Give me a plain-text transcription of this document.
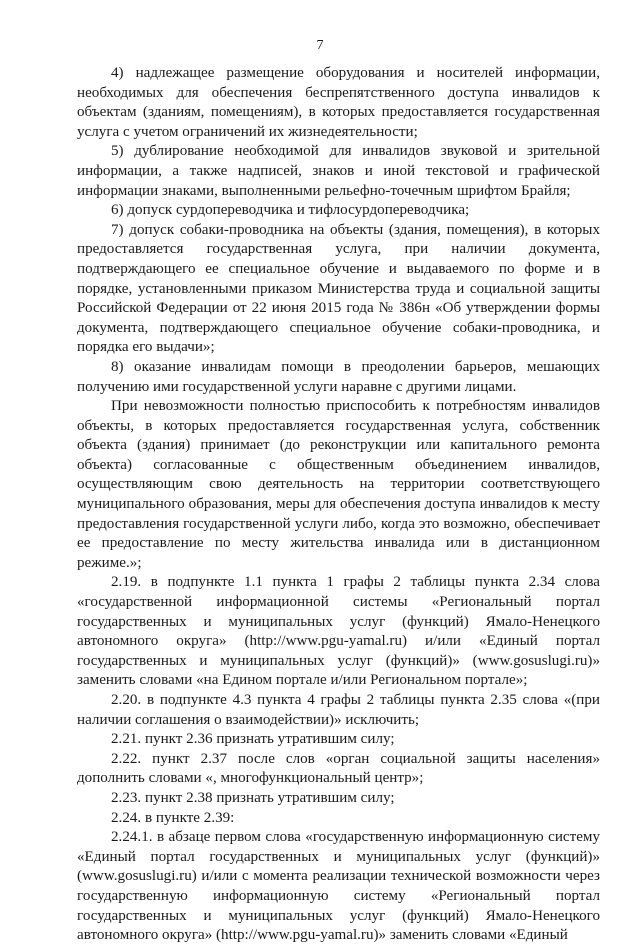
7

4) надлежащее размещение оборудования и носителей информации, необходимых для обеспечения беспрепятственного доступа инвалидов к объектам (зданиям, помещениям), в которых предоставляется государственная услуга с учетом ограничений их жизнедеятельности;

5) дублирование необходимой для инвалидов звуковой и зрительной информации, а также надписей, знаков и иной текстовой и графической информации знаками, выполненными рельефно-точечным шрифтом Брайля;

6) допуск сурдопереводчика и тифлосурдопереводчика;

7) допуск собаки-проводника на объекты (здания, помещения), в которых предоставляется государственная услуга, при наличии документа, подтверждающего ее специальное обучение и выдаваемого по форме и в порядке, установленными приказом Министерства труда и социальной защиты Российской Федерации от 22 июня 2015 года № 386н «Об утверждении формы документа, подтверждающего специальное обучение собаки-проводника, и порядка его выдачи»;

8) оказание инвалидам помощи в преодолении барьеров, мешающих получению ими государственной услуги наравне с другими лицами.

При невозможности полностью приспособить к потребностям инвалидов объекты, в которых предоставляется государственная услуга, собственник объекта (здания) принимает (до реконструкции или капитального ремонта объекта) согласованные с общественным объединением инвалидов, осуществляющим свою деятельность на территории соответствующего муниципального образования, меры для обеспечения доступа инвалидов к месту предоставления государственной услуги либо, когда это возможно, обеспечивает ее предоставление по месту жительства инвалида или в дистанционном режиме.»;

2.19. в подпункте 1.1 пункта 1 графы 2 таблицы пункта 2.34 слова «государственной информационной системы «Региональный портал государственных и муниципальных услуг (функций) Ямало-Ненецкого автономного округа» (http://www.pgu-yamal.ru) и/или «Единый портал государственных и муниципальных услуг (функций)» (www.gosuslugi.ru)» заменить словами «на Едином портале и/или Региональном портале»;

2.20. в подпункте 4.3 пункта 4 графы 2 таблицы пункта 2.35 слова «(при наличии соглашения о взаимодействии)» исключить;

2.21. пункт 2.36 признать утратившим силу;

2.22. пункт 2.37 после слов «орган социальной защиты населения» дополнить словами «, многофункциональный центр»;

2.23. пункт 2.38 признать утратившим силу;

2.24. в пункте 2.39:

2.24.1. в абзаце первом слова «государственную информационную систему «Единый портал государственных и муниципальных услуг (функций)» (www.gosuslugi.ru) и/или с момента реализации технической возможности через государственную информационную систему «Региональный портал государственных и муниципальных услуг (функций) Ямало-Ненецкого автономного округа» (http://www.pgu-yamal.ru)» заменить словами «Единый
